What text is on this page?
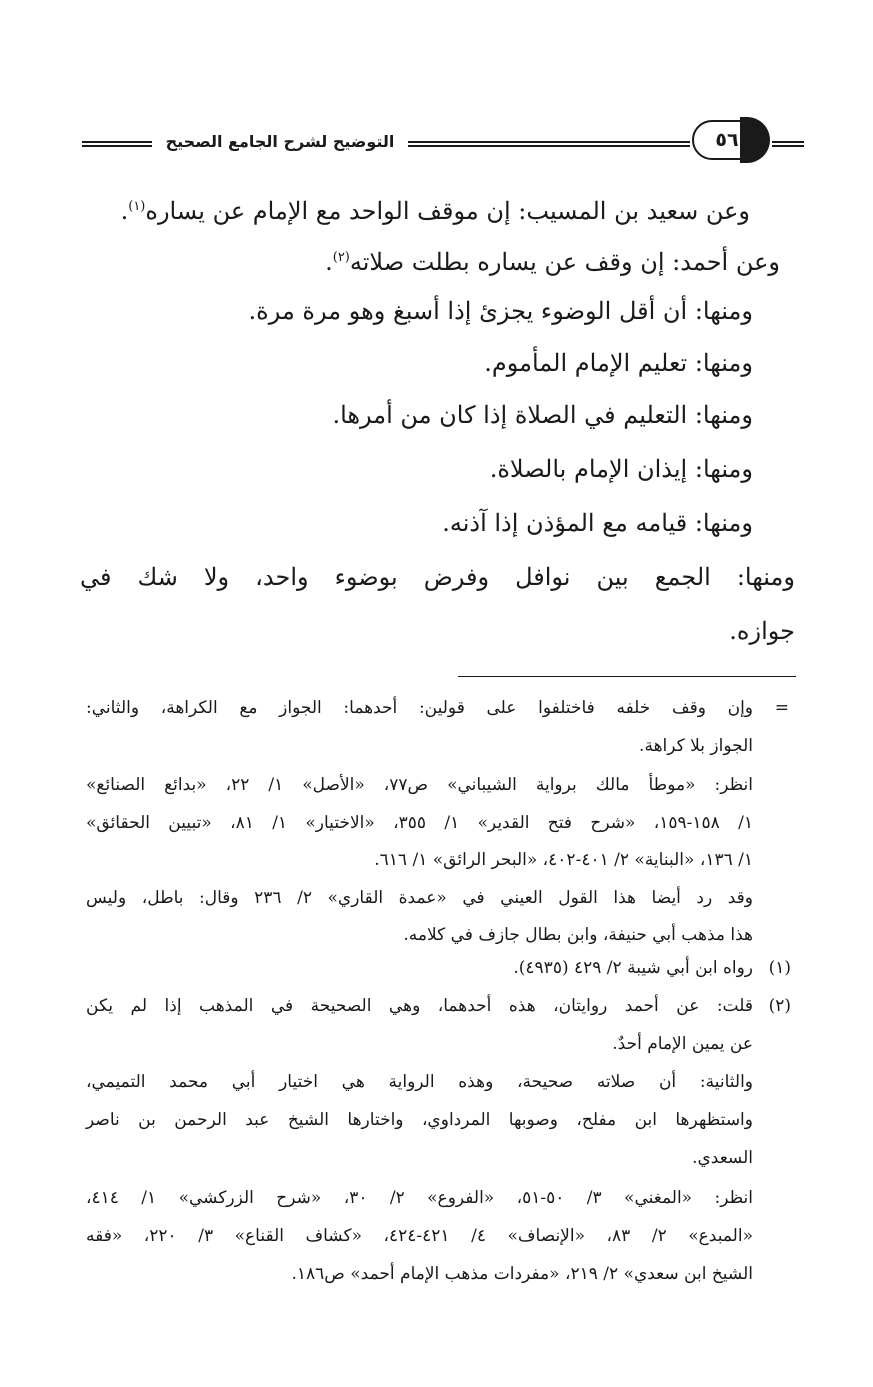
التوضيح لشرح الجامع الصحيح	٥٦
وعن سعيد بن المسيب: إن موقف الواحد مع الإمام عن يساره$^{(١)}$.
وعن أحمد: إن وقف عن يساره بطلت صلاته$^{(٢)}$.
ومنها: أن أقل الوضوء يجزئ إذا أسبغ وهو مرة مرة.
ومنها: تعليم الإمام المأموم.
ومنها: التعليم في الصلاة إذا كان من أمرها.
ومنها: إيذان الإمام بالصلاة.
ومنها: قيامه مع المؤذن إذا آذنه.
ومنها: الجمع بين نوافل وفرض بوضوء واحد، ولا شك في
جوازه.
=
(١)
(٢)
وإن وقف خلفه فاختلفوا على قولين: أحدهما: الجواز مع الكراهة، والثاني:
الجواز بلا كراهة.
انظر: «موطأ مالك برواية الشيباني» ص٧٧، «الأصل» ١/ ٢٢، «بدائع الصنائع»
١/ ١٥٨-١٥٩، «شرح فتح القدير» ١/ ٣٥٥، «الاختيار» ١/ ٨١، «تبيين الحقائق»
١/ ١٣٦، «البناية» ٢/ ٤٠١-٤٠٢، «البحر الرائق» ١/ ٦١٦.
وقد رد أيضا هذا القول العيني في «عمدة القاري» ٢/ ٢٣٦ وقال: باطل، وليس
هذا مذهب أبي حنيفة، وابن بطال جازف في كلامه.
رواه ابن أبي شيبة ٢/ ٤٢٩ (٤٩٣٥).
قلت: عن أحمد روايتان، هذه أحدهما، وهي الصحيحة في المذهب إذا لم يكن
عن يمين الإمام أحدٌ.
والثانية: أن صلاته صحيحة، وهذه الرواية هي اختيار أبي محمد التميمي،
واستظهرها ابن مفلح، وصوبها المرداوي، واختارها الشيخ عبد الرحمن بن ناصر
السعدي.
انظر: «المغني» ٣/ ٥٠-٥١، «الفروع» ٢/ ٣٠، «شرح الزركشي» ١/ ٤١٤،
«المبدع» ٢/ ٨٣، «الإنصاف» ٤/ ٤٢١-٤٢٤، «كشاف القناع» ٣/ ٢٢٠، «فقه
الشيخ ابن سعدي» ٢/ ٢١٩، «مفردات مذهب الإمام أحمد» ص١٨٦.
